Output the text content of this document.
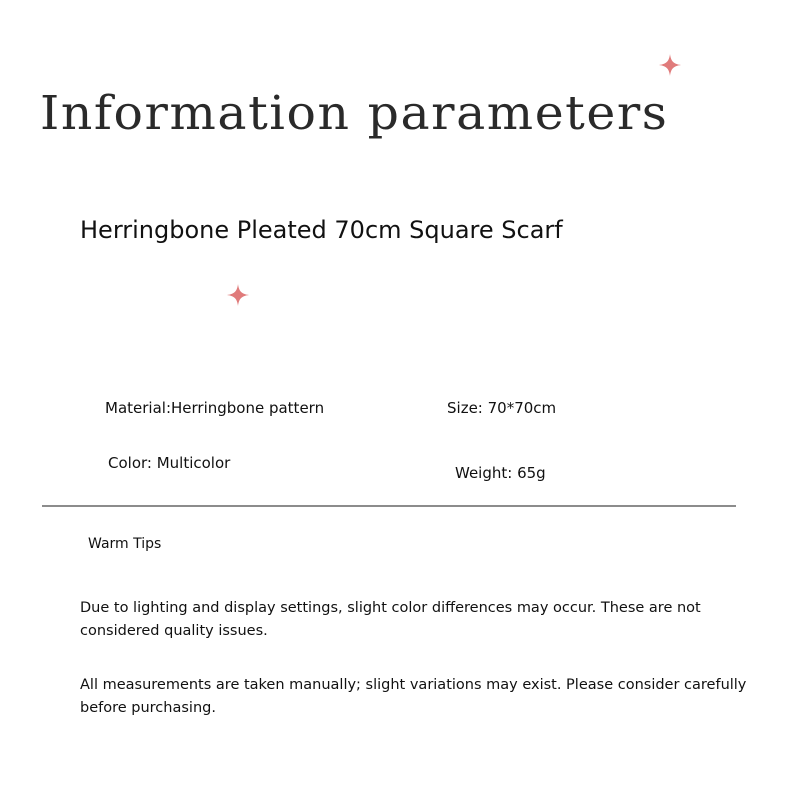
Information parameters
Herringbone Pleated 70cm Square Scarf
Material:Herringbone pattern	Size: 70*70cm
Color: Multicolor
Weight: 65g
Warm Tips
Due to lighting and display settings, slight color differences may occur. These are not considered quality issues.
All measurements are taken manually; slight variations may exist. Please consider carefully before purchasing.
